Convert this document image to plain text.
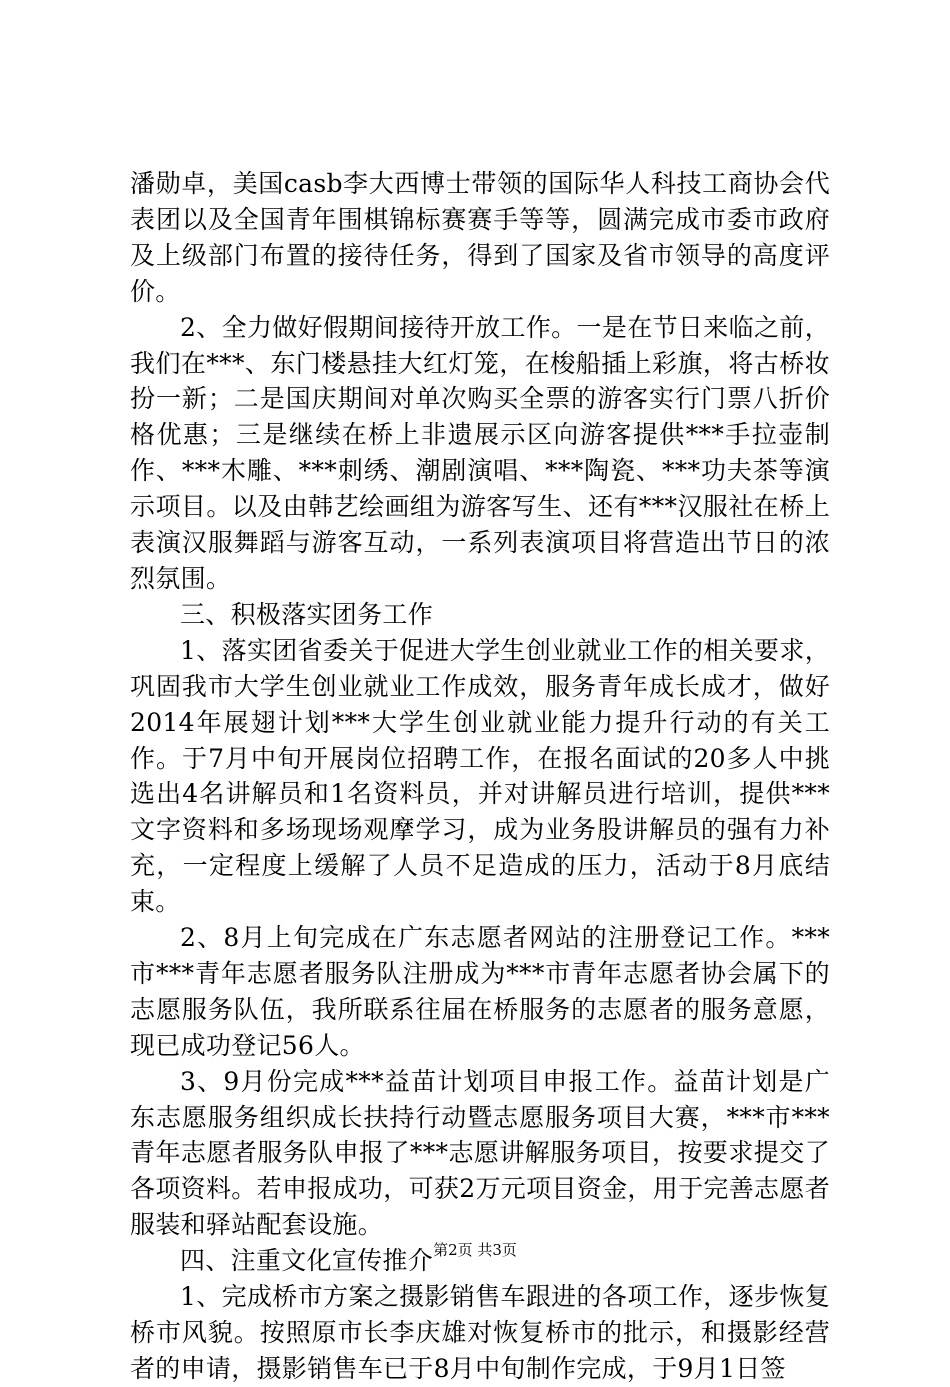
潘勋卓，美国casb李大西博士带领的国际华人科技工商协会代表团以及全国青年围棋锦标赛赛手等等，圆满完成市委市政府及上级部门布置的接待任务，得到了国家及省市领导的高度评价。

2、全力做好假期间接待开放工作。一是在节日来临之前，我们在***、东门楼悬挂大红灯笼，在梭船插上彩旗，将古桥妆扮一新；二是国庆期间对单次购买全票的游客实行门票八折价格优惠；三是继续在桥上非遗展示区向游客提供***手拉壶制作、***木雕、***刺绣、潮剧演唱、***陶瓷、***功夫茶等演示项目。以及由韩艺绘画组为游客写生、还有***汉服社在桥上表演汉服舞蹈与游客互动，一系列表演项目将营造出节日的浓烈氛围。

三、积极落实团务工作

1、落实团省委关于促进大学生创业就业工作的相关要求，巩固我市大学生创业就业工作成效，服务青年成长成才，做好2014年展翅计划***大学生创业就业能力提升行动的有关工作。于7月中旬开展岗位招聘工作，在报名面试的20多人中挑选出4名讲解员和1名资料员，并对讲解员进行培训，提供***文字资料和多场现场观摩学习，成为业务股讲解员的强有力补充，一定程度上缓解了人员不足造成的压力，活动于8月底结束。

2、8月上旬完成在广东志愿者网站的注册登记工作。***市***青年志愿者服务队注册成为***市青年志愿者协会属下的志愿服务队伍，我所联系往届在桥服务的志愿者的服务意愿，现已成功登记56人。

3、9月份完成***益苗计划项目申报工作。益苗计划是广东志愿服务组织成长扶持行动暨志愿服务项目大赛，***市***青年志愿者服务队申报了***志愿讲解服务项目，按要求提交了各项资料。若申报成功，可获2万元项目资金，用于完善志愿者服装和驿站配套设施。

四、注重文化宣传推介

1、完成桥市方案之摄影销售车跟进的各项工作，逐步恢复桥市风貌。按照原市长李庆雄对恢复桥市的批示，和摄影经营者的申请，摄影销售车已于8月中旬制作完成，于9月1日签

第2页 共3页
